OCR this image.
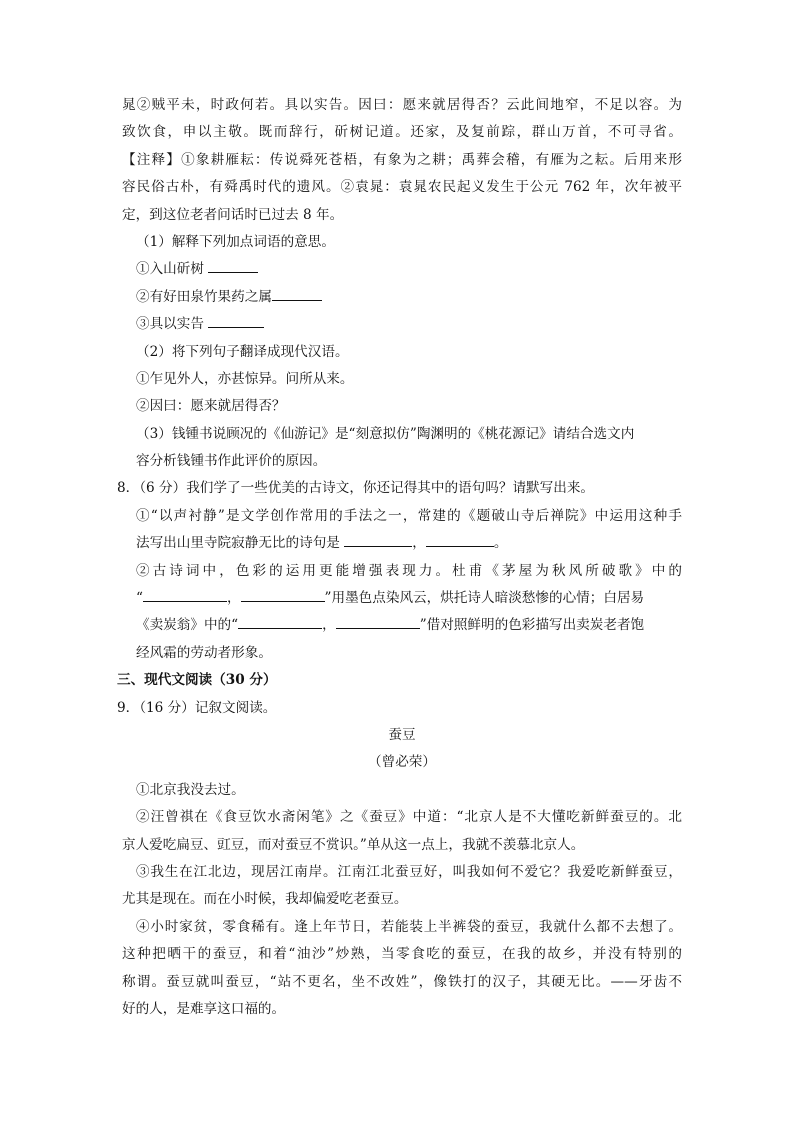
晁②贼平未，时政何若。具以实告。因曰：愿来就居得否？云此间地窄，不足以容。为
致饮食，申以主敬。既而辞行，斫树记道。还家，及复前踪，群山万首，不可寻省。
【注释】①象耕雁耘：传说舜死苍梧，有象为之耕；禹葬会稽，有雁为之耘。后用来形
容民俗古朴，有舜禹时代的遗风。②袁晁：袁晁农民起义发生于公元 762 年，次年被平
定，到这位老者问话时已过去 8 年。
（1）解释下列加点词语的意思。
①入山斫树
②有好田泉竹果药之属
③具以实告
（2）将下列句子翻译成现代汉语。
①乍见外人，亦甚惊异。问所从来。
②因曰：愿来就居得否？
（3）钱锺书说顾况的《仙游记》是“刻意拟仿”陶渊明的《桃花源记》请结合选文内
容分析钱锺书作此评价的原因。
8．（6 分）我们学了一些优美的古诗文，你还记得其中的语句吗？请默写出来。
①“以声衬静”是文学创作常用的手法之一，常建的《题破山寺后禅院》中运用这种手
法写出山里寺院寂静无比的诗句是	，	。
②古诗词中，色彩的运用更能增强表现力。杜甫《茅屋为秋风所破歌》中的
“	，	”用墨色点染风云，烘托诗人暗淡愁惨的心情；白居易
《卖炭翁》中的“	，	”借对照鲜明的色彩描写出卖炭老者饱
经风霜的劳动者形象。
三、现代文阅读（30 分）
9．（16 分）记叙文阅读。
蚕豆
（曾必荣）
①北京我没去过。
②汪曾祺在《食豆饮水斋闲笔》之《蚕豆》中道：“北京人是不大懂吃新鲜蚕豆的。北
京人爱吃扁豆、豇豆，而对蚕豆不赏识。”单从这一点上，我就不羡慕北京人。
③我生在江北边，现居江南岸。江南江北蚕豆好，叫我如何不爱它？我爱吃新鲜蚕豆，
尤其是现在。而在小时候，我却偏爱吃老蚕豆。
④小时家贫，零食稀有。逢上年节日，若能装上半裤袋的蚕豆，我就什么都不去想了。
这种把晒干的蚕豆，和着“油沙”炒熟，当零食吃的蚕豆，在我的故乡，并没有特别的
称谓。蚕豆就叫蚕豆，“站不更名，坐不改姓”，像铁打的汉子，其硬无比。——牙齿不
好的人，是难享这口福的。
